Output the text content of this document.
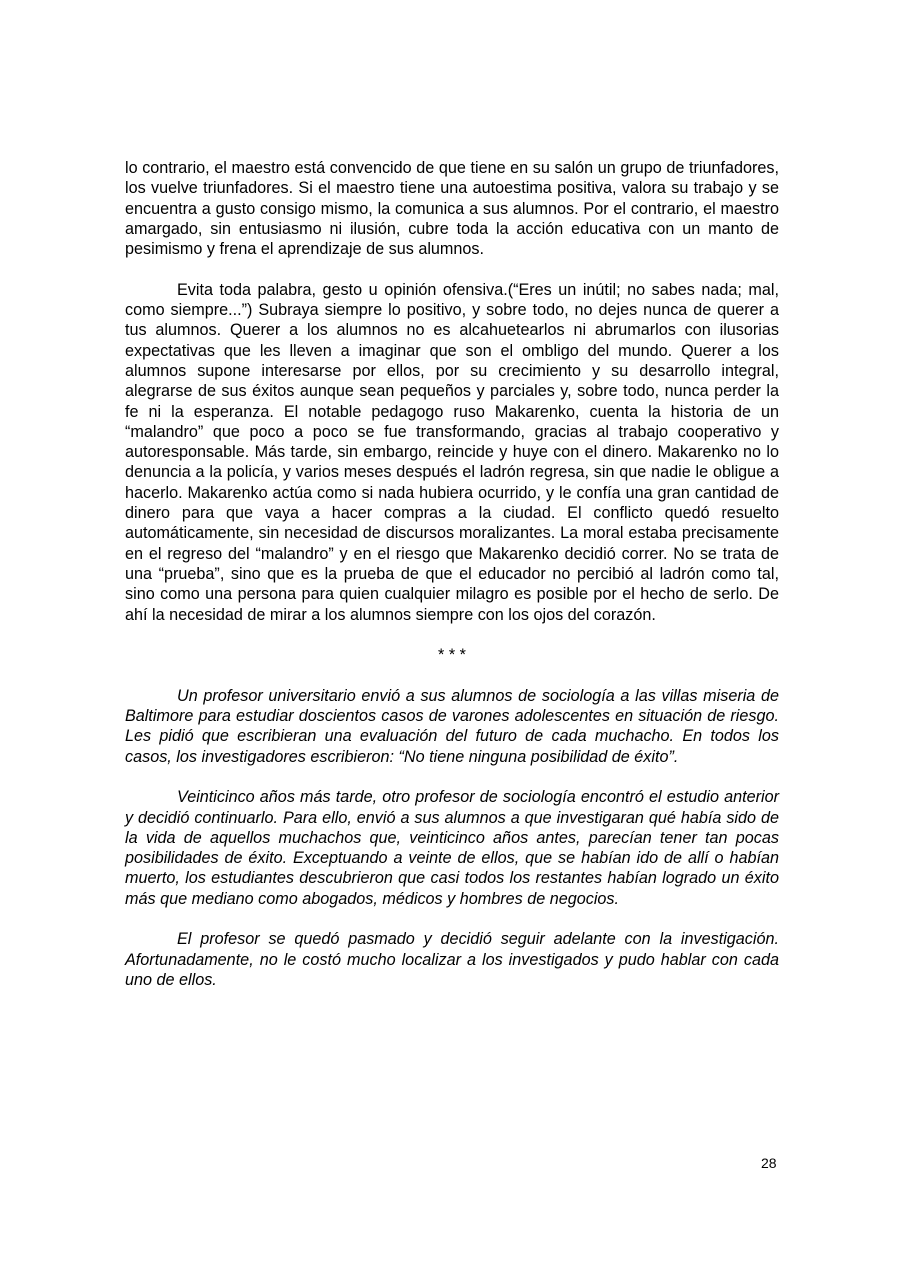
lo contrario, el maestro está convencido de que tiene en su salón un grupo de triunfadores, los vuelve triunfadores. Si el maestro tiene una autoestima positiva, valora su trabajo y se encuentra a gusto consigo mismo, la comunica a sus alumnos. Por el contrario, el maestro amargado, sin entusiasmo ni ilusión, cubre toda la acción educativa con un manto de pesimismo y frena el aprendizaje de sus alumnos.

Evita toda palabra, gesto u opinión ofensiva.(“Eres un inútil; no sabes nada; mal, como siempre...”) Subraya siempre lo positivo, y sobre todo, no dejes nunca de querer a tus alumnos. Querer a los alumnos no es alcahuetearlos ni abrumarlos con ilusorias expectativas que les lleven a imaginar que son el ombligo del mundo. Querer a los alumnos supone interesarse por ellos, por su crecimiento y su desarrollo integral, alegrarse de sus éxitos aunque sean pequeños y parciales y, sobre todo, nunca perder la fe ni la esperanza. El notable pedagogo ruso Makarenko, cuenta la historia de un “malandro” que poco a poco se fue transformando, gracias al trabajo cooperativo y autoresponsable. Más tarde, sin embargo, reincide y huye con el dinero. Makarenko no lo denuncia a la policía, y varios meses después el ladrón regresa, sin que nadie le obligue a hacerlo. Makarenko actúa como si nada hubiera ocurrido, y le confía una gran cantidad de dinero para que vaya a hacer compras a la ciudad. El conflicto quedó resuelto automáticamente, sin necesidad de discursos moralizantes. La moral estaba precisamente en el regreso del “malandro” y en el riesgo que Makarenko decidió correr. No se trata de una “prueba”, sino que es la prueba de que el educador no percibió al ladrón como tal, sino como una persona para quien cualquier milagro es posible por el hecho de serlo. De ahí la necesidad de mirar a los alumnos siempre con los ojos del corazón.

* * *

Un profesor universitario envió a sus alumnos de sociología a las villas miseria de Baltimore para estudiar doscientos casos de varones adolescentes en situación de riesgo. Les pidió que escribieran una evaluación del futuro de cada muchacho. En todos los casos, los investigadores escribieron: “No tiene ninguna posibilidad de éxito”.

Veinticinco años más tarde, otro profesor de sociología encontró el estudio anterior y decidió continuarlo. Para ello, envió a sus alumnos a que investigaran qué había sido de la vida de aquellos muchachos que, veinticinco años antes, parecían tener tan pocas posibilidades de éxito. Exceptuando a veinte de ellos, que se habían ido de allí o habían muerto, los estudiantes descubrieron que casi todos los restantes habían logrado un éxito más que mediano como abogados, médicos y hombres de negocios.

El profesor se quedó pasmado y decidió seguir adelante con la investigación. Afortunadamente, no le costó mucho localizar a los investigados y pudo hablar con cada uno de ellos.

28
